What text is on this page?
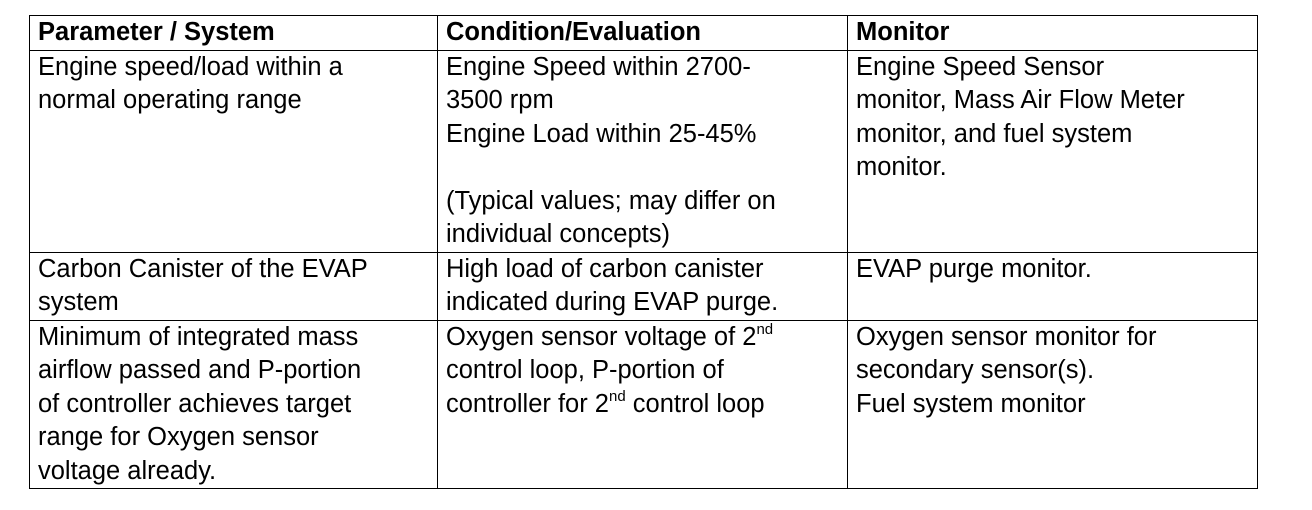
Parameter / System	Condition/Evaluation	Monitor

Engine speed/load within a
normal operating range	Engine Speed within 2700-
3500 rpm
Engine Load within 25-45%
(Typical values; may differ on
individual concepts)	Engine Speed Sensor
monitor, Mass Air Flow Meter
monitor, and fuel system
monitor.

Carbon Canister of the EVAP
system	High load of carbon canister
indicated during EVAP purge.	EVAP purge monitor.

Minimum of integrated mass
airflow passed and P-portion
of controller achieves target
range for Oxygen sensor
voltage already.	Oxygen sensor voltage of 2nd
control loop, P-portion of
controller for 2nd control loop	Oxygen sensor monitor for
secondary sensor(s).
Fuel system monitor
